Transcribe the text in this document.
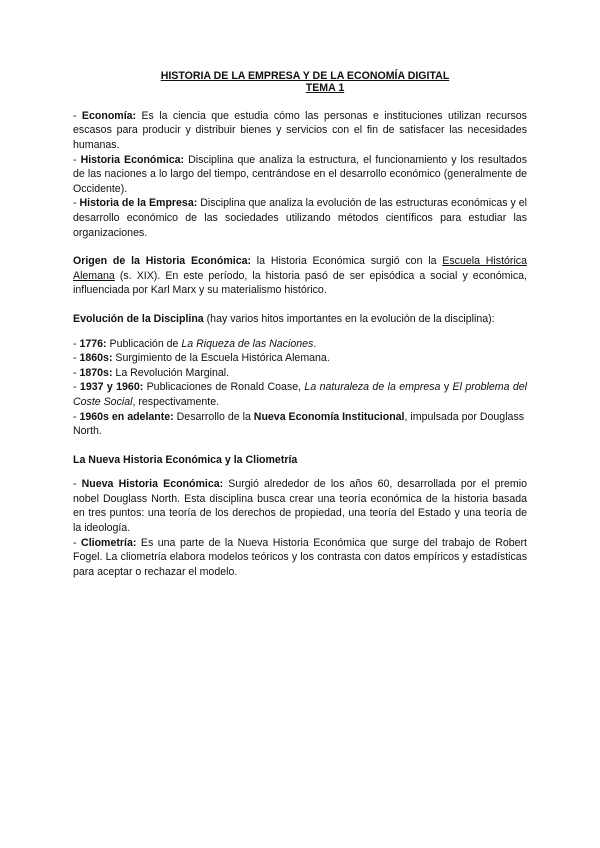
HISTORIA DE LA EMPRESA Y DE LA ECONOMÍA DIGITAL
TEMA 1

- Economía: Es la ciencia que estudia cómo las personas e instituciones utilizan recursos escasos para producir y distribuir bienes y servicios con el fin de satisfacer las necesidades humanas.

- Historia Económica: Disciplina que analiza la estructura, el funcionamiento y los resultados de las naciones a lo largo del tiempo, centrándose en el desarrollo económico (generalmente de Occidente).

- Historia de la Empresa: Disciplina que analiza la evolución de las estructuras económicas y el desarrollo económico de las sociedades utilizando métodos científicos para estudiar las organizaciones.

Origen de la Historia Económica: la Historia Económica surgió con la Escuela Histórica Alemana (s. XIX). En este período, la historia pasó de ser episódica a social y económica, influenciada por Karl Marx y su materialismo histórico.

Evolución de la Disciplina (hay varios hitos importantes en la evolución de la disciplina):

- 1776: Publicación de La Riqueza de las Naciones.

- 1860s: Surgimiento de la Escuela Histórica Alemana.

- 1870s: La Revolución Marginal.

- 1937 y 1960: Publicaciones de Ronald Coase, La naturaleza de la empresa y El problema del Coste Social, respectivamente.

- 1960s en adelante: Desarrollo de la Nueva Economía Institucional, impulsada por Douglass North.

La Nueva Historia Económica y la Cliometría

- Nueva Historia Económica: Surgió alrededor de los años 60, desarrollada por el premio nobel Douglass North. Esta disciplina busca crear una teoría económica de la historia basada en tres puntos: una teoría de los derechos de propiedad, una teoría del Estado y una teoría de la ideología.

- Cliometría: Es una parte de la Nueva Historia Económica que surge del trabajo de Robert Fogel. La cliometría elabora modelos teóricos y los contrasta con datos empíricos y estadísticas para aceptar o rechazar el modelo.
